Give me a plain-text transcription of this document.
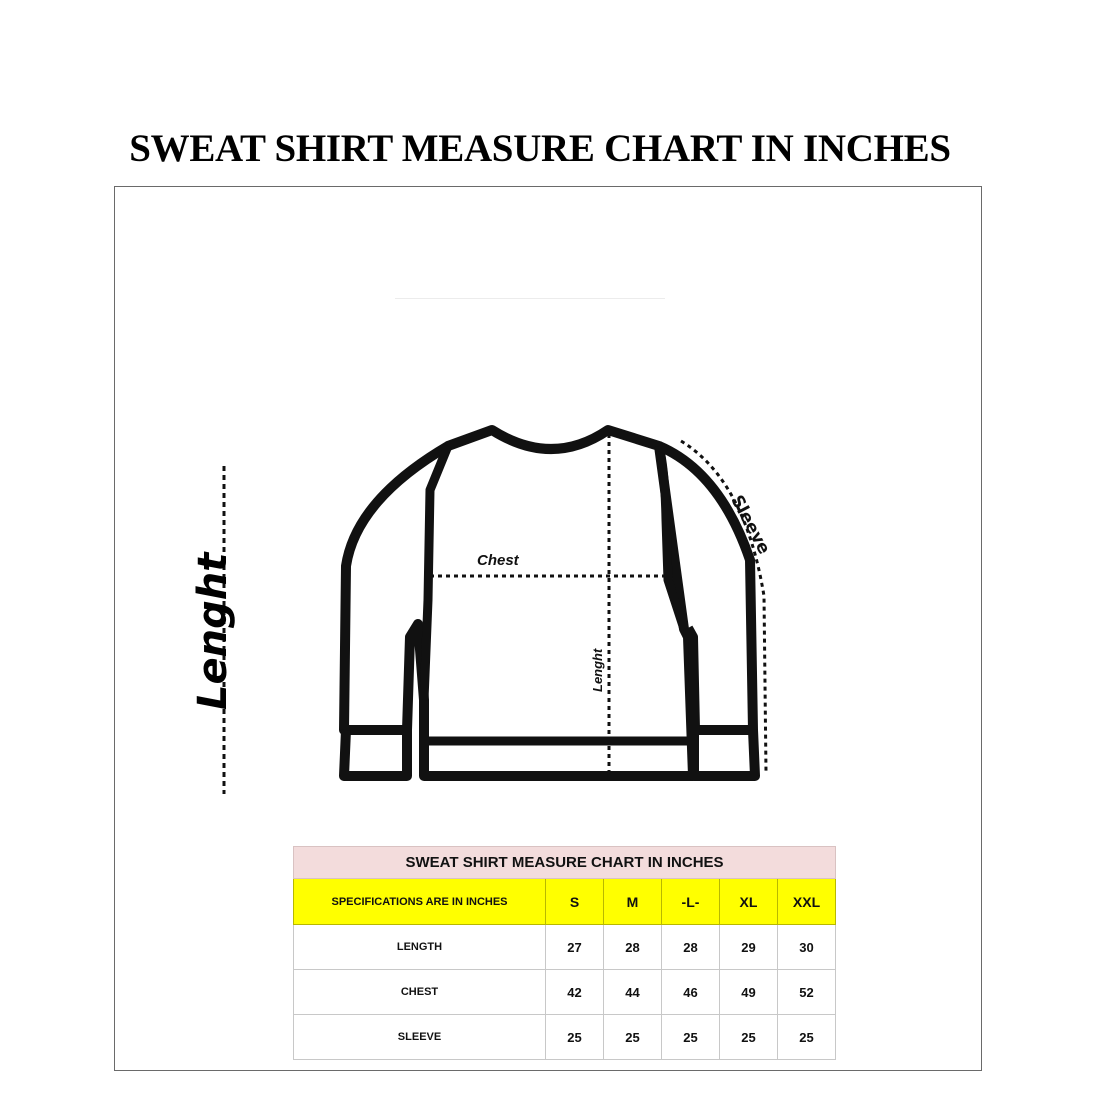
SWEAT SHIRT MEASURE CHART IN INCHES
Lenght	Chest
Lenght
Sleeve
SWEAT SHIRT MEASURE CHART IN INCHES					
SPECIFICATIONS ARE IN INCHES	S	M	-L-	XL	XXL
LENGTH	27	28	28	29	30
CHEST	42	44	46	49	52
SLEEVE	25	25	25	25	25
